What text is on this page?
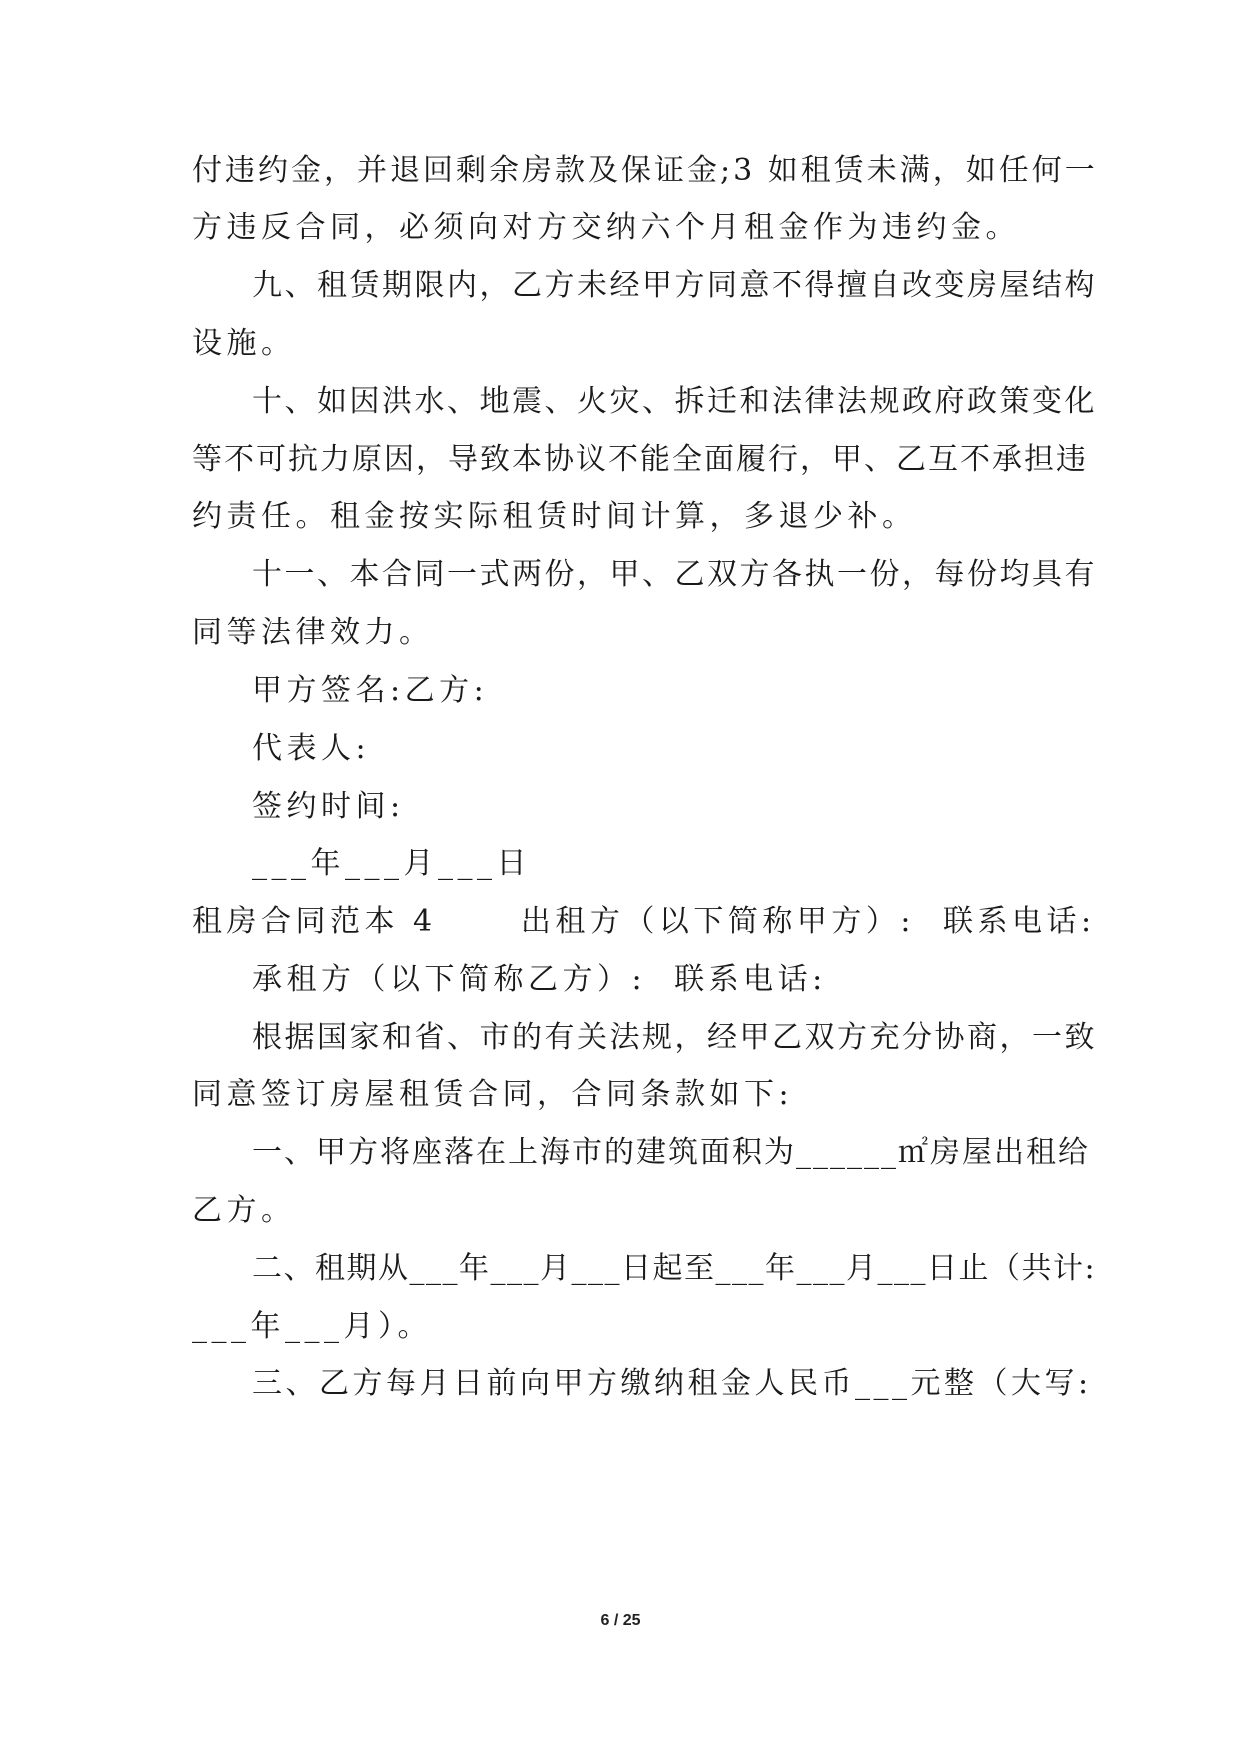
付违约金，并退回剩余房款及保证金;3 如租赁未满，如任何一
方违反合同，必须向对方交纳六个月租金作为违约金。
九、租赁期限内，乙方未经甲方同意不得擅自改变房屋结构
设施。
十、如因洪水、地震、火灾、拆迁和法律法规政府政策变化
等不可抗力原因，导致本协议不能全面履行，甲、乙互不承担违
约责任。租金按实际租赁时间计算，多退少补。
十一、本合同一式两份，甲、乙双方各执一份，每份均具有
同等法律效力。
甲方签名:乙方:
代表人:
签约时间:
___年___月___日
租房合同范本 4      出租方（以下简称甲方）:  联系电话:
承租方（以下简称乙方）:  联系电话:
根据国家和省、市的有关法规，经甲乙双方充分协商，一致
同意签订房屋租赁合同，合同条款如下:
一、甲方将座落在上海市的建筑面积为______㎡房屋出租给
乙方。
二、租期从___年___月___日起至___年___月___日止（共计:
___年___月）。
三、乙方每月日前向甲方缴纳租金人民币___元整（大写:
6 / 25
